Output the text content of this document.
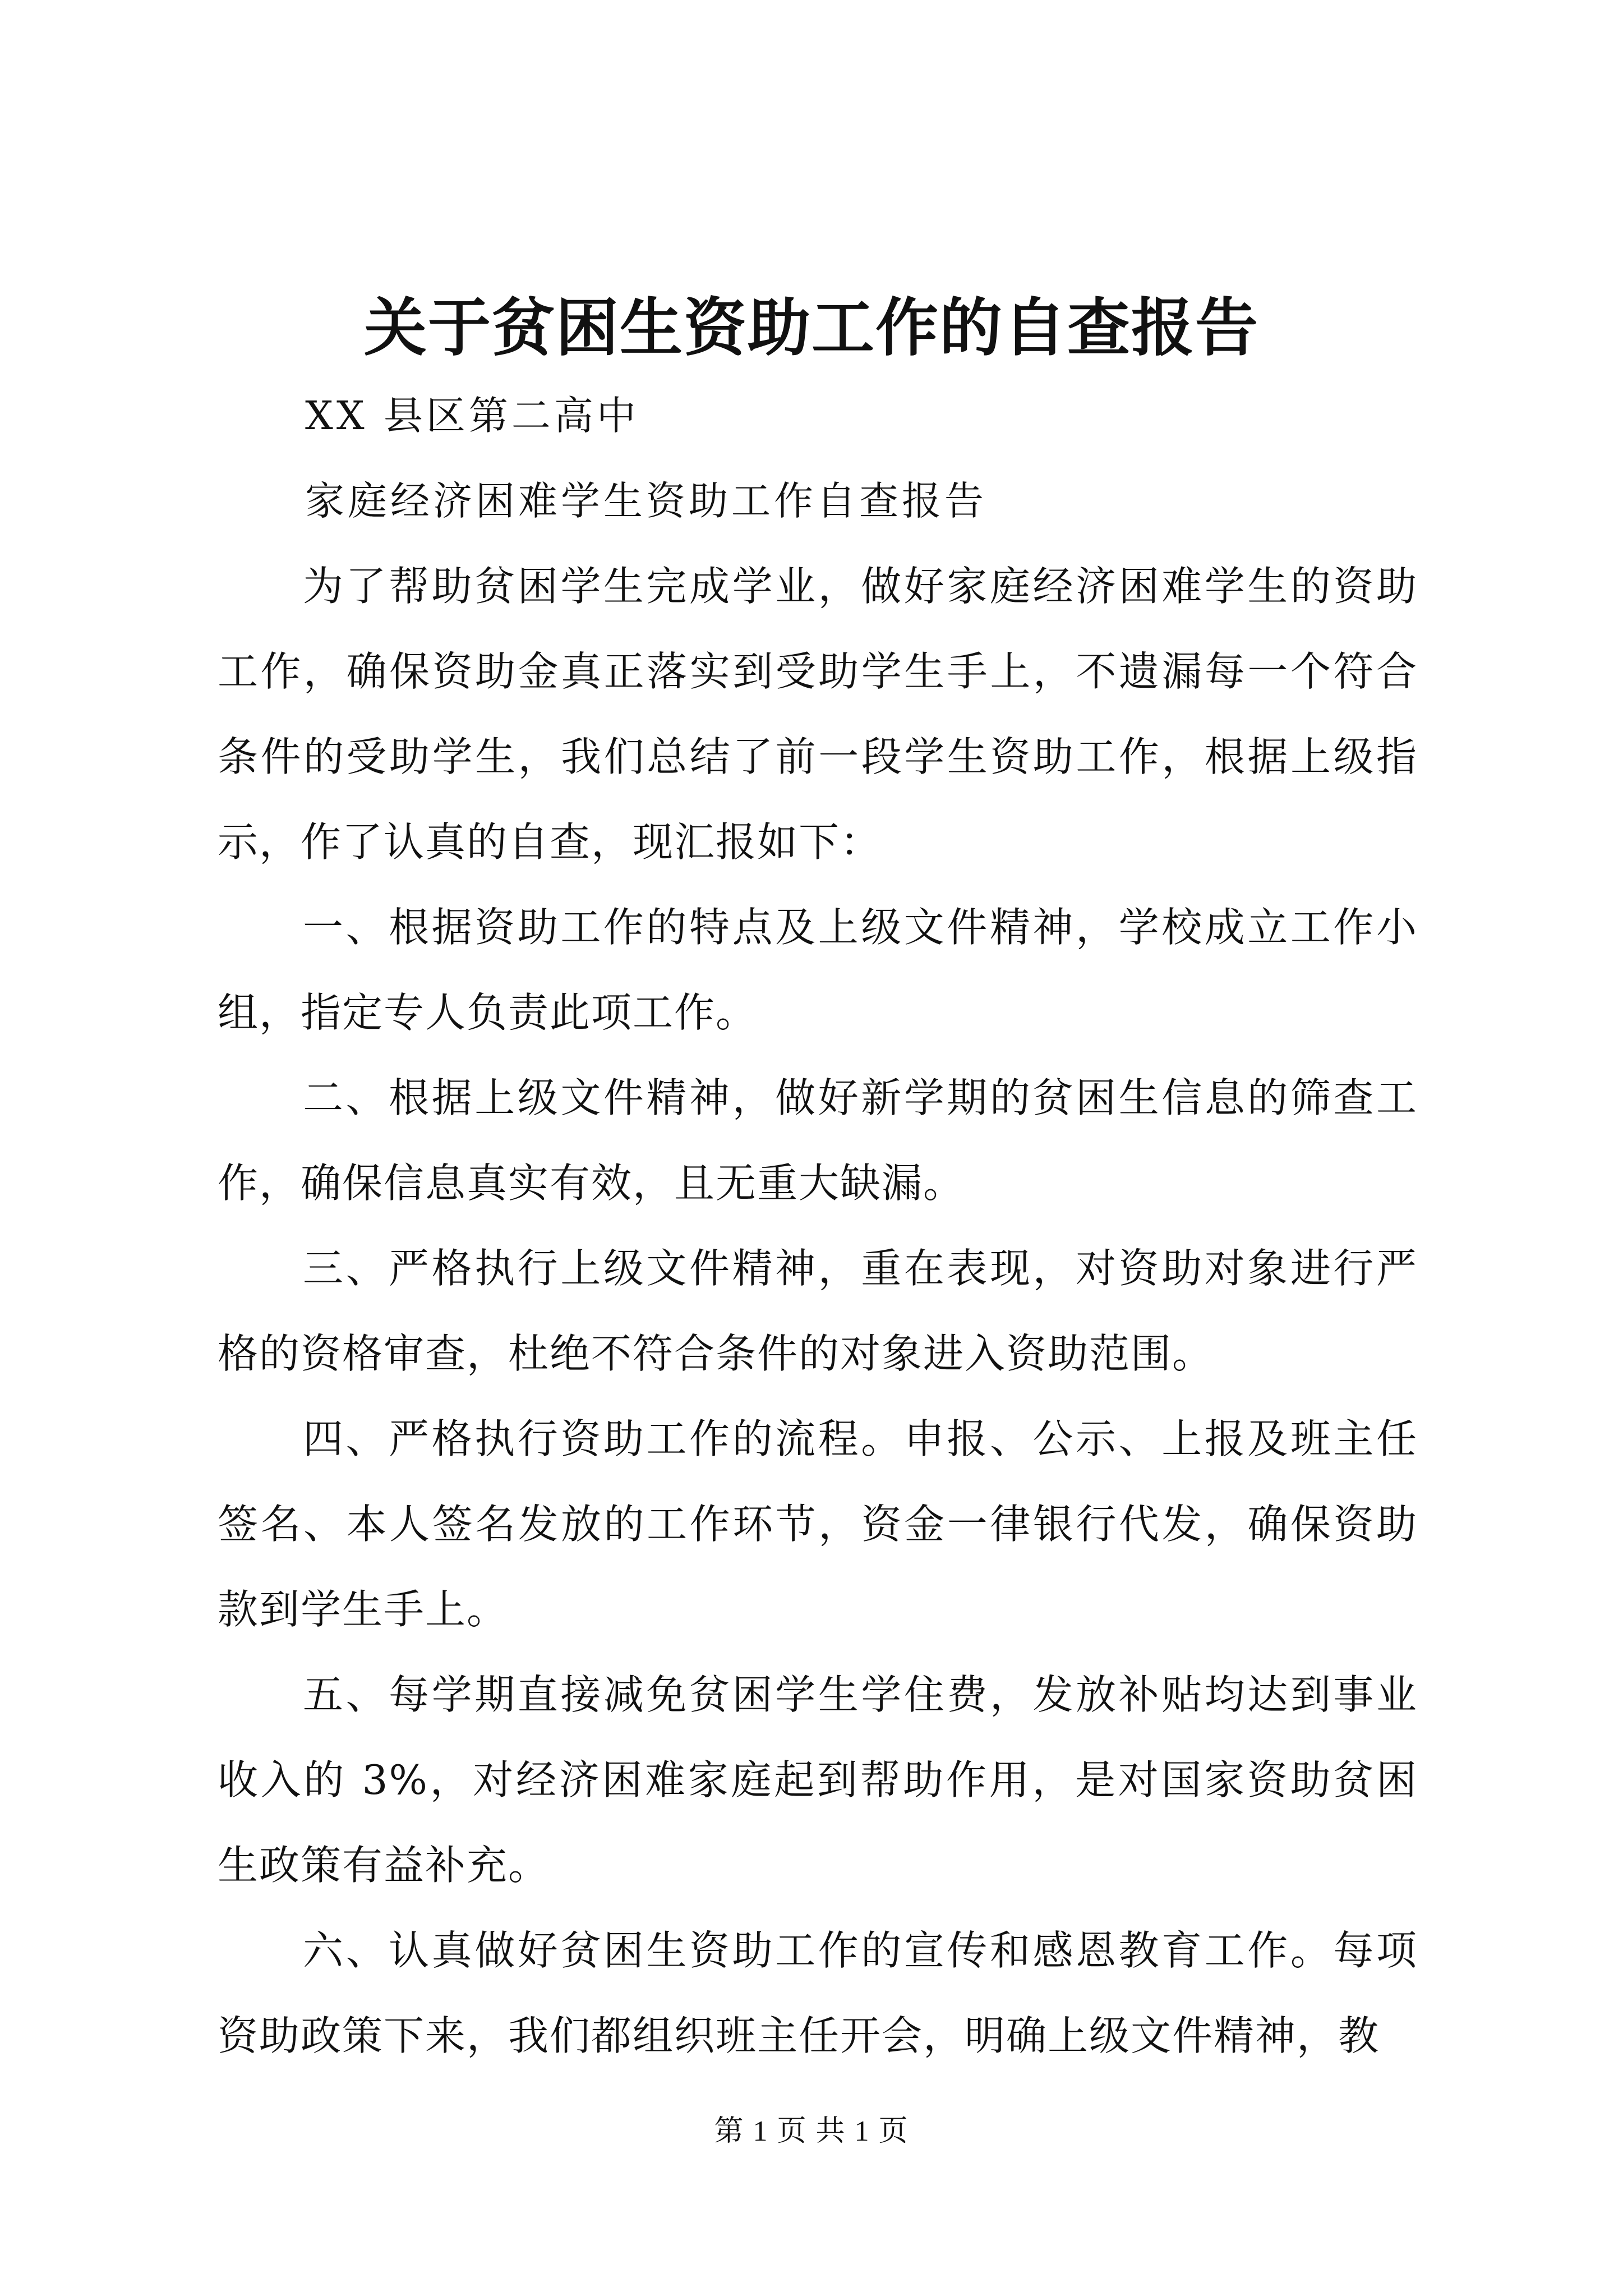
关于贫困生资助工作的自查报告

XX 县区第二高中

家庭经济困难学生资助工作自查报告

为了帮助贫困学生完成学业，做好家庭经济困难学生的资助工作，确保资助金真正落实到受助学生手上，不遗漏每一个符合条件的受助学生，我们总结了前一段学生资助工作，根据上级指示，作了认真的自查，现汇报如下：

一、根据资助工作的特点及上级文件精神，学校成立工作小组，指定专人负责此项工作。

二、根据上级文件精神，做好新学期的贫困生信息的筛查工作，确保信息真实有效，且无重大缺漏。

三、严格执行上级文件精神，重在表现，对资助对象进行严格的资格审查，杜绝不符合条件的对象进入资助范围。

四、严格执行资助工作的流程。申报、公示、上报及班主任签名、本人签名发放的工作环节，资金一律银行代发，确保资助款到学生手上。

五、每学期直接减免贫困学生学住费，发放补贴均达到事业收入的 3%，对经济困难家庭起到帮助作用，是对国家资助贫困生政策有益补充。

六、认真做好贫困生资助工作的宣传和感恩教育工作。每项资助政策下来，我们都组织班主任开会，明确上级文件精神，教

第 1 页 共 1 页
